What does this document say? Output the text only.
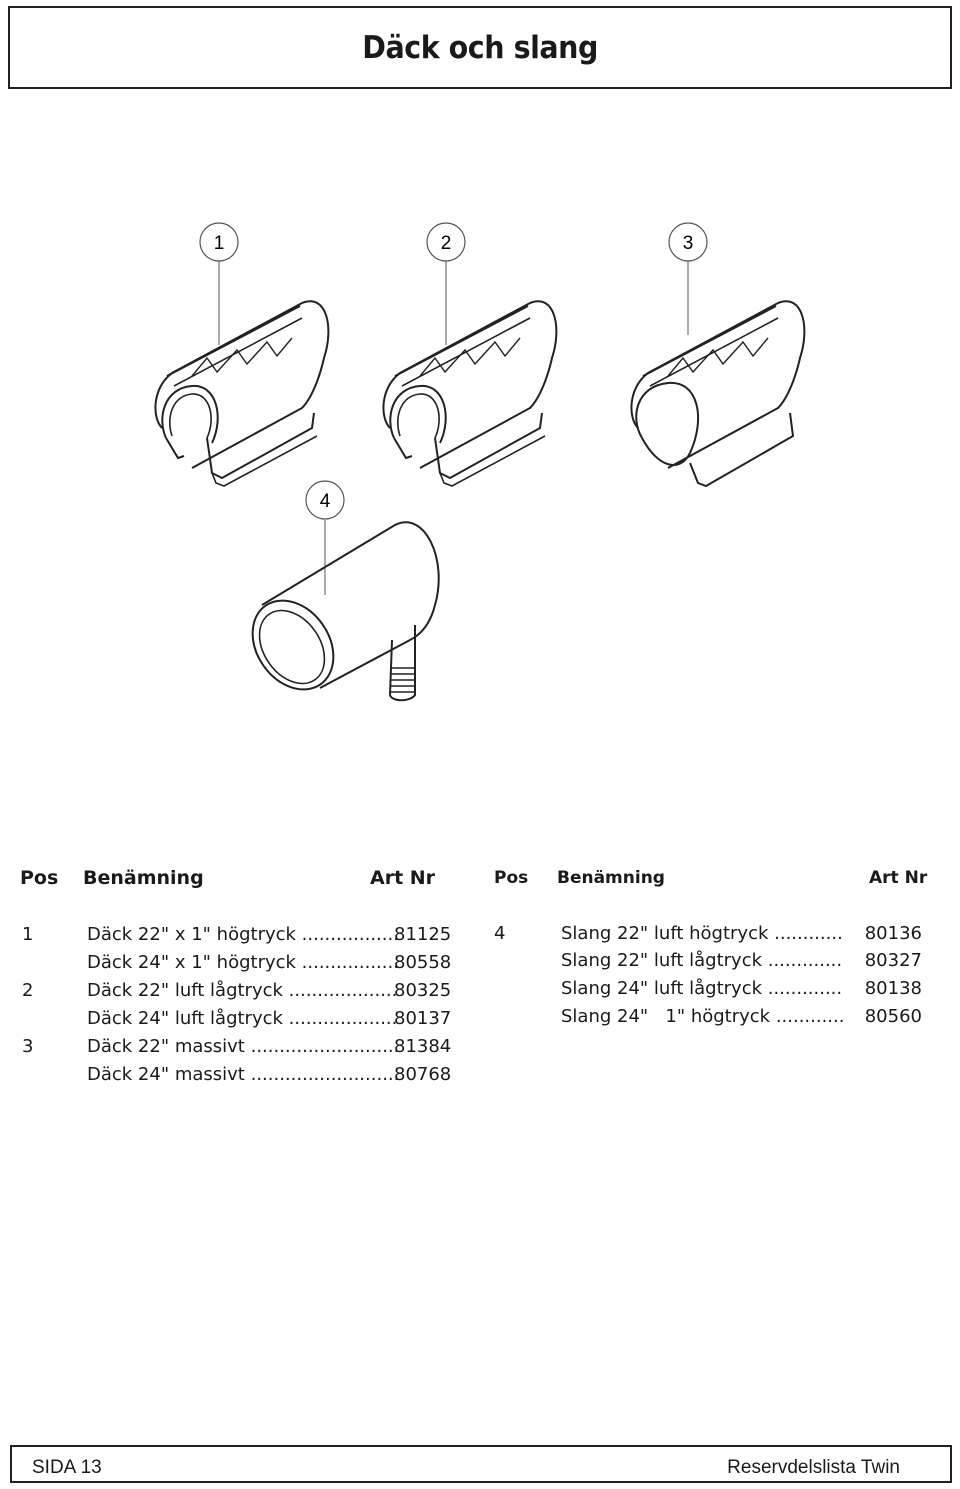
Däck och slang
1	2	3
4
Pos Benämning	Art Nr
1	Däck 22" x 1" högtryck .....	81125
Däck 24" x 1" högtryck .....	80558
2	Däck 22" luft lågtryck .....	80325
Däck 24" luft lågtryck .....	80137
3	Däck 22" massivt .....	81384
Däck 24" massivt .....	80768
Pos Benämning	Art Nr
4	Slang 22" luft högtryck .....	80136
Slang 22" luft lågtryck .....	80327
Slang 24" luft lågtryck .....	80138
Slang 24"   1" högtryck .....	80560
SIDA 13	Reservdelslista Twin
